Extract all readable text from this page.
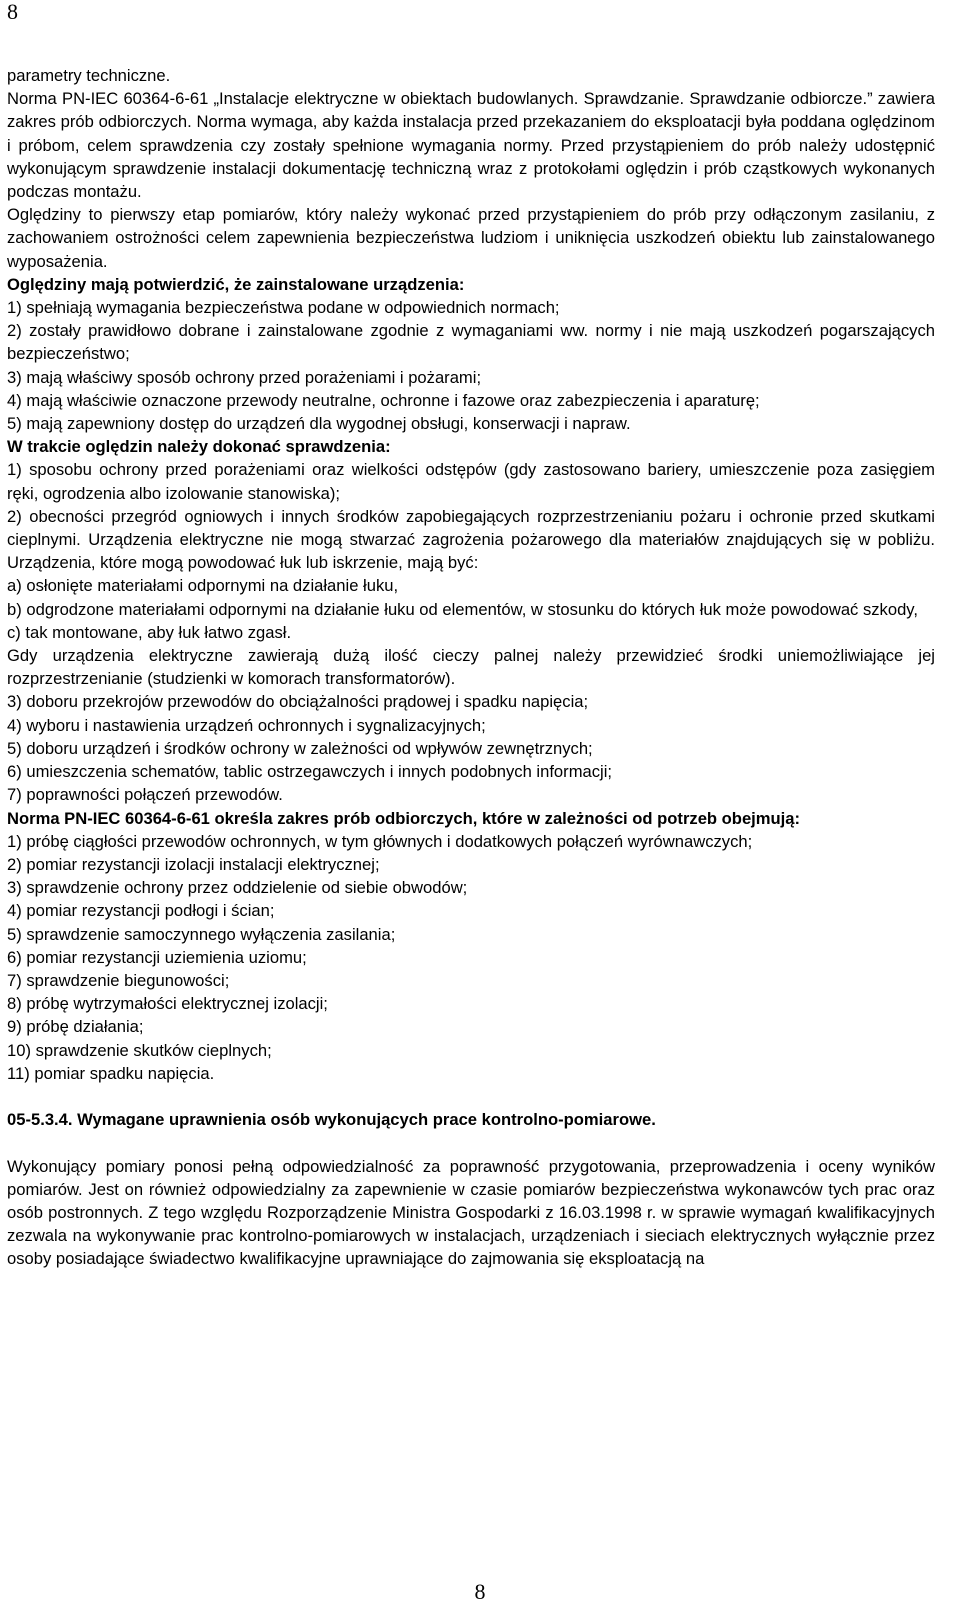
8

parametry techniczne.

Norma PN-IEC 60364-6-61 „Instalacje elektryczne w obiektach budowlanych. Sprawdzanie. Sprawdzanie odbiorcze.” zawiera zakres prób odbiorczych. Norma wymaga, aby każda instalacja przed przekazaniem do eksploatacji była poddana oględzinom i próbom, celem sprawdzenia czy zostały spełnione wymagania normy. Przed przystąpieniem do prób należy udostępnić wykonującym sprawdzenie instalacji dokumentację techniczną wraz z protokołami oględzin i prób cząstkowych wykonanych podczas montażu.

Oględziny to pierwszy etap pomiarów, który należy wykonać przed przystąpieniem do prób przy odłączonym zasilaniu, z zachowaniem ostrożności celem zapewnienia bezpieczeństwa ludziom i uniknięcia uszkodzeń obiektu lub zainstalowanego wyposażenia.

Oględziny mają potwierdzić, że zainstalowane urządzenia:

1) spełniają wymagania bezpieczeństwa podane w odpowiednich normach;

2) zostały prawidłowo dobrane i zainstalowane zgodnie z wymaganiami ww. normy i nie mają uszkodzeń pogarszających bezpieczeństwo;

3) mają właściwy sposób ochrony przed porażeniami i pożarami;

4) mają właściwie oznaczone przewody neutralne, ochronne i fazowe oraz zabezpieczenia i aparaturę;

5) mają zapewniony dostęp do urządzeń dla wygodnej obsługi, konserwacji i napraw.

W trakcie oględzin należy dokonać sprawdzenia:

1) sposobu ochrony przed porażeniami oraz wielkości odstępów (gdy zastosowano bariery, umieszczenie poza zasięgiem ręki, ogrodzenia albo izolowanie stanowiska);

2) obecności przegród ogniowych i innych środków zapobiegających rozprzestrzenianiu pożaru i ochronie przed skutkami cieplnymi. Urządzenia elektryczne nie mogą stwarzać zagrożenia pożarowego dla materiałów znajdujących się w pobliżu. Urządzenia, które mogą powodować łuk lub iskrzenie, mają być:

a) osłonięte materiałami odpornymi na działanie łuku,

b) odgrodzone materiałami odpornymi na działanie łuku od elementów, w stosunku do których łuk może powodować szkody,

c) tak montowane, aby łuk łatwo zgasł.

Gdy urządzenia elektryczne zawierają dużą ilość cieczy palnej należy przewidzieć środki uniemożliwiające jej rozprzestrzenianie (studzienki w komorach transformatorów).

3) doboru przekrojów przewodów do obciążalności prądowej i spadku napięcia;

4) wyboru i nastawienia urządzeń ochronnych i sygnalizacyjnych;

5) doboru urządzeń i środków ochrony w zależności od wpływów zewnętrznych;

6) umieszczenia schematów, tablic ostrzegawczych i innych podobnych informacji;

7) poprawności połączeń przewodów.

Norma PN-IEC 60364-6-61 określa zakres prób odbiorczych, które w zależności od potrzeb obejmują:

1) próbę ciągłości przewodów ochronnych, w tym głównych i dodatkowych połączeń wyrównawczych;

2) pomiar rezystancji izolacji instalacji elektrycznej;

3) sprawdzenie ochrony przez oddzielenie od siebie obwodów;

4) pomiar rezystancji podłogi i ścian;

5) sprawdzenie samoczynnego wyłączenia zasilania;

6) pomiar rezystancji uziemienia uziomu;

7) sprawdzenie biegunowości;

8) próbę wytrzymałości elektrycznej izolacji;

9) próbę działania;

10) sprawdzenie skutków cieplnych;

11) pomiar spadku napięcia.

05-5.3.4. Wymagane uprawnienia osób wykonujących prace kontrolno-pomiarowe.

Wykonujący pomiary ponosi pełną odpowiedzialność za poprawność przygotowania, przeprowadzenia i oceny wyników pomiarów. Jest on również odpowiedzialny za zapewnienie w czasie pomiarów bezpieczeństwa wykonawców tych prac oraz osób postronnych. Z tego względu Rozporządzenie Ministra Gospodarki z 16.03.1998 r. w sprawie wymagań kwalifikacyjnych zezwala na wykonywanie prac kontrolno-pomiarowych w instalacjach, urządzeniach i sieciach elektrycznych wyłącznie przez osoby posiadające świadectwo kwalifikacyjne uprawniające do zajmowania się eksploatacją na

8
